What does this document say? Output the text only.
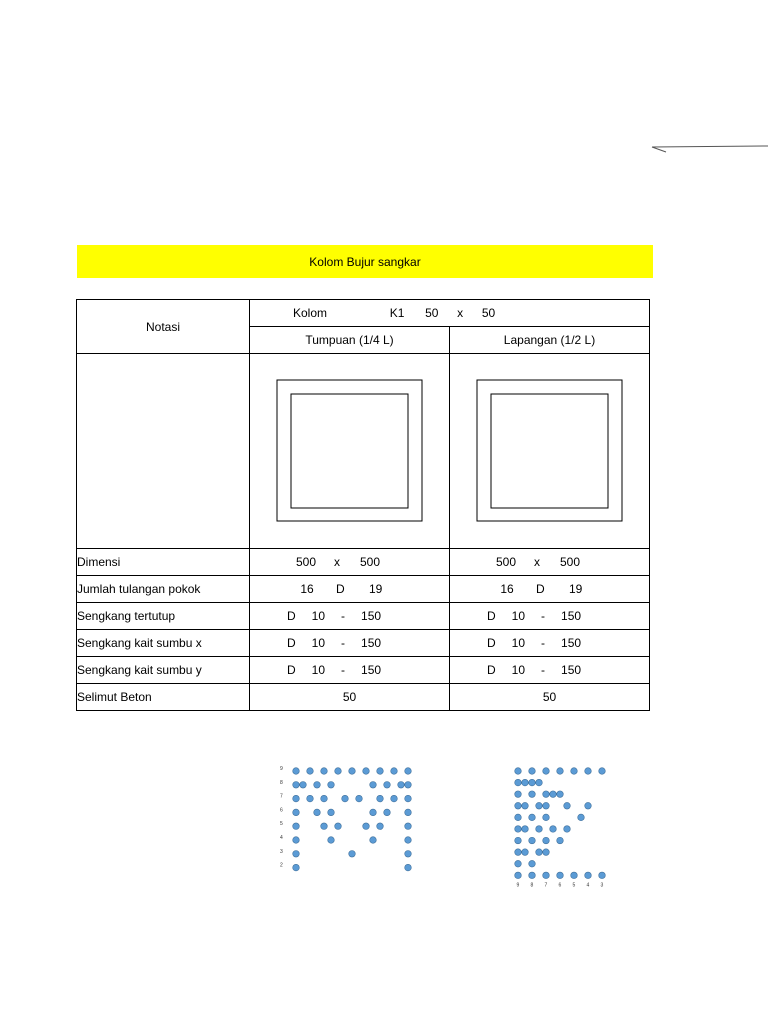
Kolom Bujur sangkar
Notasi	Kolom K1 50 x 50	
	Tumpuan (1/4 L)	Lapangan (1/2 L)

Dimensi	500 x 500	500 x 500
Jumlah tulangan pokok	16 D 19	16 D 19
Sengkang tertutup	D 10 - 150	D 10 - 150
Sengkang kait sumbu x	D 10 - 150	D 10 - 150
Sengkang kait sumbu y	D 10 - 150	D 10 - 150
Selimut Beton	50	50
9
8
7
6
5
4
3
2
9 8 7 6 5 4 3
